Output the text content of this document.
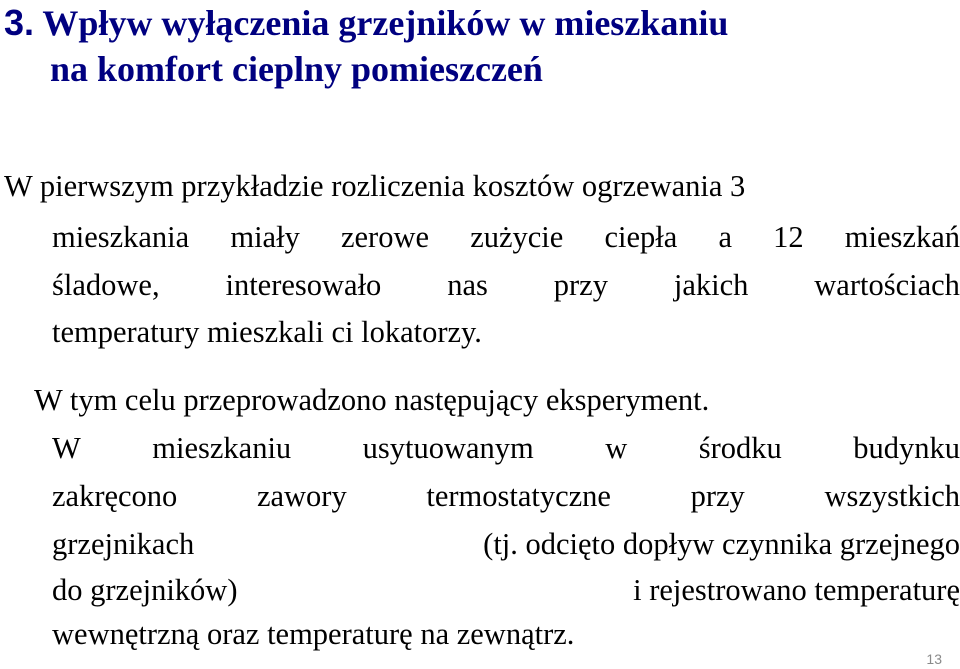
3. Wpływ wyłączenia grzejników w mieszkaniu
na komfort cieplny pomieszczeń
W pierwszym przykładzie rozliczenia kosztów ogrzewania 3
mieszkania miały zerowe zużycie ciepła a 12 mieszkań
śladowe, interesowało nas przy jakich wartościach
temperatury mieszkali ci lokatorzy.
W tym celu przeprowadzono następujący eksperyment.
W mieszkaniu usytuowanym w środku budynku
zakręcono	zawory	termostatyczne	przy	wszystkich
grzejnikach	(tj. odcięto dopływ czynnika grzejnego
do grzejników)	i rejestrowano temperaturę
wewnętrzną oraz temperaturę na zewnątrz.
13
